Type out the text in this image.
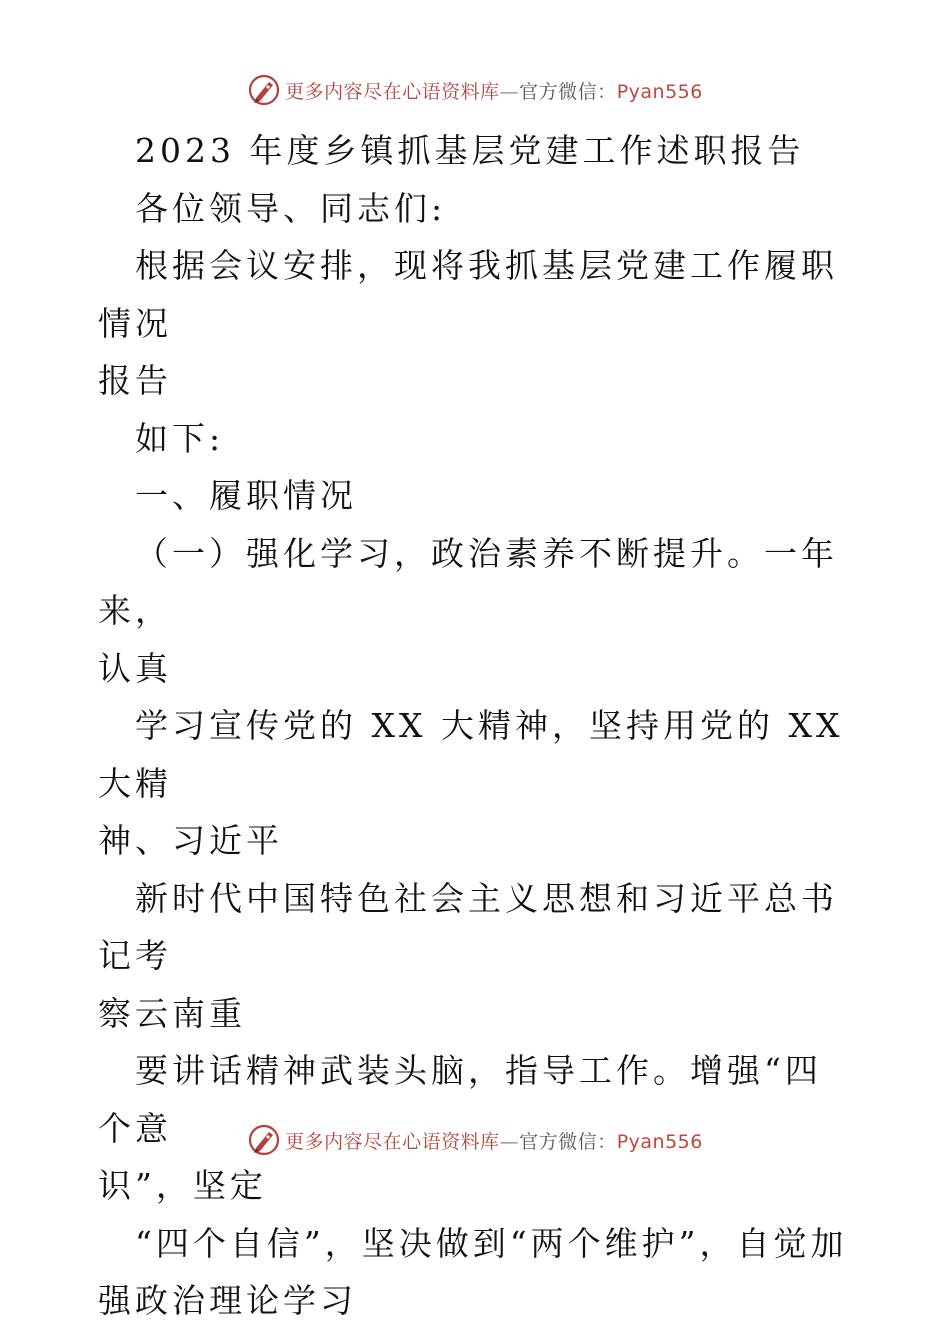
更多内容尽在心语资料库—官方微信：Pyan556

2023 年度乡镇抓基层党建工作述职报告

各位领导、同志们:

根据会议安排，现将我抓基层党建工作履职情况

报告

如下:

一、履职情况

（一）强化学习，政治素养不断提升。一年来，

认真

学习宣传党的 XX 大精神，坚持用党的 XX 大精

神、习近平

新时代中国特色社会主义思想和习近平总书记考

察云南重

要讲话精神武装头脑，指导工作。增强“四个意

识”，坚定

“四个自信”，坚决做到“两个维护”，自觉加

强政治理论学习

更多内容尽在心语资料库—官方微信：Pyan556
